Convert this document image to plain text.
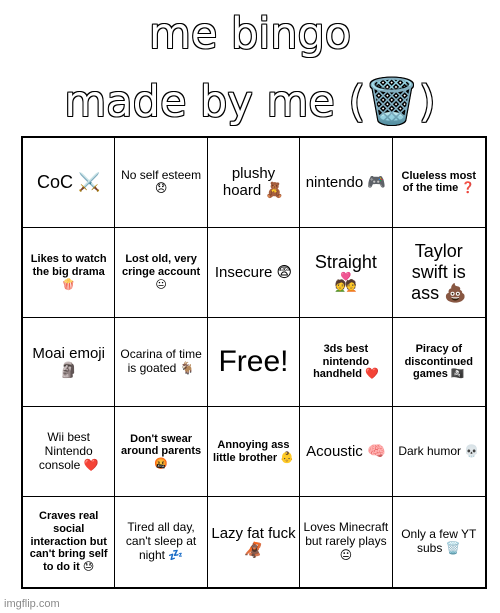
me bingo
made by me (🗑️)
CoC ⚔️ No self esteem 😞
plushy hoard 🧸
nintendo 🎮	Clueless most of the time ❓
Likes to watch the big drama 🍿
Lost old, very cringe account 😐
Insecure 😨
Straight 💑
Taylor swift is ass 💩
Moai emoji 🗿
Ocarina of time is goated 🐐 Free!	3ds best nintendo handheld ❤️
Piracy of discontinued games 🏴‍☠️
Wii best Nintendo console ❤️
Don't swear around parents 🤬
Annoying ass little brother 👶 Acoustic 🧠 Dark humor 💀
Craves real social interaction but can't bring self to do it 😓
Tired all day, can't sleep at night 💤
Lazy fat fuck 🦧
Loves Minecraft but rarely plays 😐
Only a few YT subs 🗑️
imgflip.com
